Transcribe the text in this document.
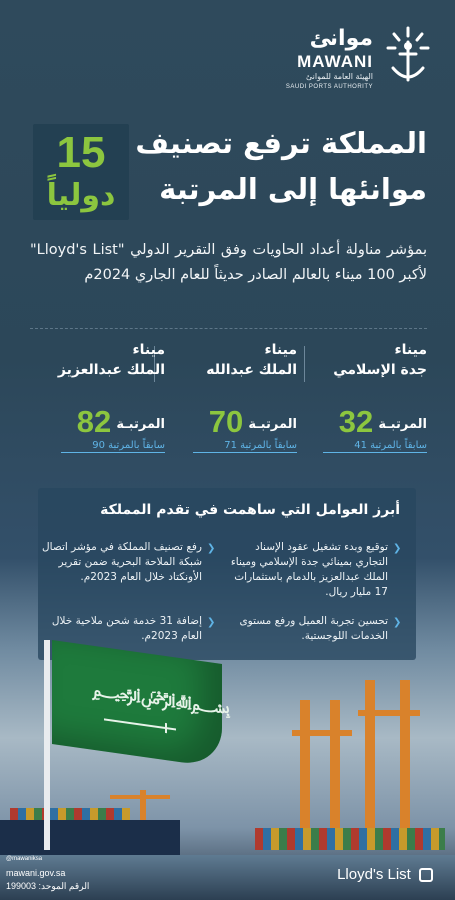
موانئ
MAWANI
الهيئة العامة للموانئ
SAUDI PORTS AUTHORITY
15
دولياً
المملكة ترفع تصنيف
موانئها إلى المرتبة
بمؤشر مناولة أعداد الحاويات وفق التقرير الدولي "Lloyd's List" لأكبر 100 ميناء بالعالم الصادر حديثاً للعام الجاري 2024م
ميناء
جدة الإسلامي
ميناء
الملك عبدالله
ميناء
الملك عبدالعزيز
المرتبـة 32
سابقاً بالمرتبة 41
المرتبـة 70
سابقاً بالمرتبة 71
المرتبـة 82
سابقاً بالمرتبة 90
أبرز العوامل التي ساهمت في تقدم المملكة
❯
توقيع وبدء تشغيل عقود الإسناد التجاري بمينائي جدة الإسلامي وميناء الملك عبدالعزيز بالدمام باستثمارات 17 مليار ريال.
❯
رفع تصنيف المملكة في مؤشر اتصال شبكة الملاحة البحرية ضمن تقرير الأونكتاد خلال العام 2023م.
❯
تحسين تجربة العميل ورفع مستوى الخدمات اللوجستية.
❯
إضافة 31 خدمة شحن ملاحية خلال العام 2023م.
﷽
@mawaniksa
mawani.gov.sa
الرقم الموحد: 199003
Lloyd's List
